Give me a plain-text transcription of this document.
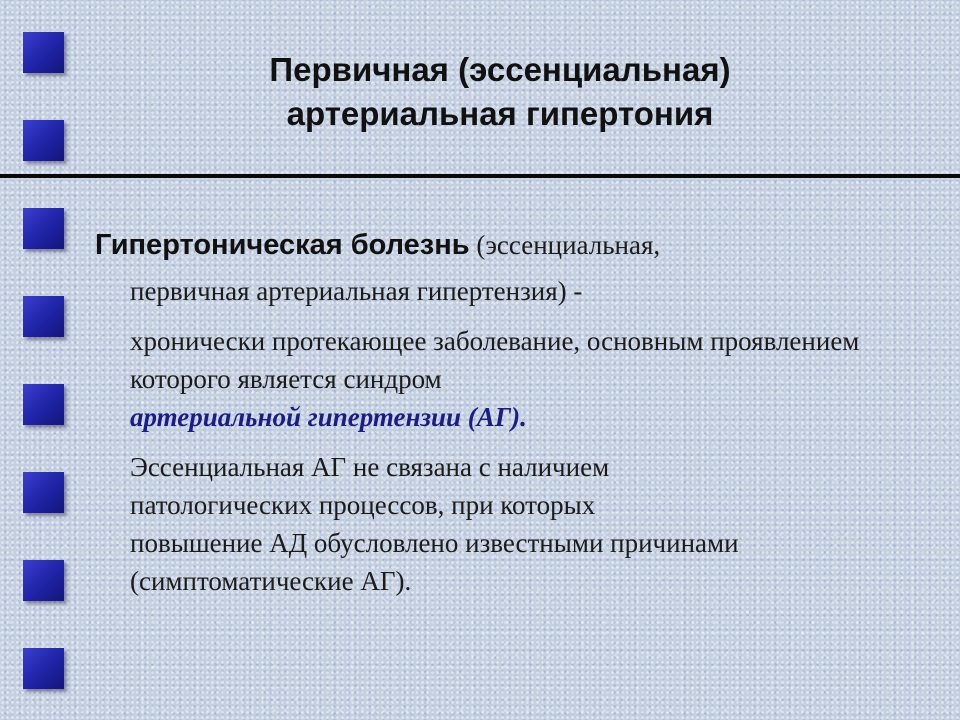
Первичная (эссенциальная)
артериальная гипертония
Гипертоническая болезнь (эссенциальная,
первичная артериальная гипертензия) -
хронически протекающее заболевание, основным проявлением которого является синдром
артериальной гипертензии (АГ).
Эссенциальная АГ не связана с наличием
патологических процессов, при которых
повышение АД обусловлено известными причинами
(симптоматические АГ).
